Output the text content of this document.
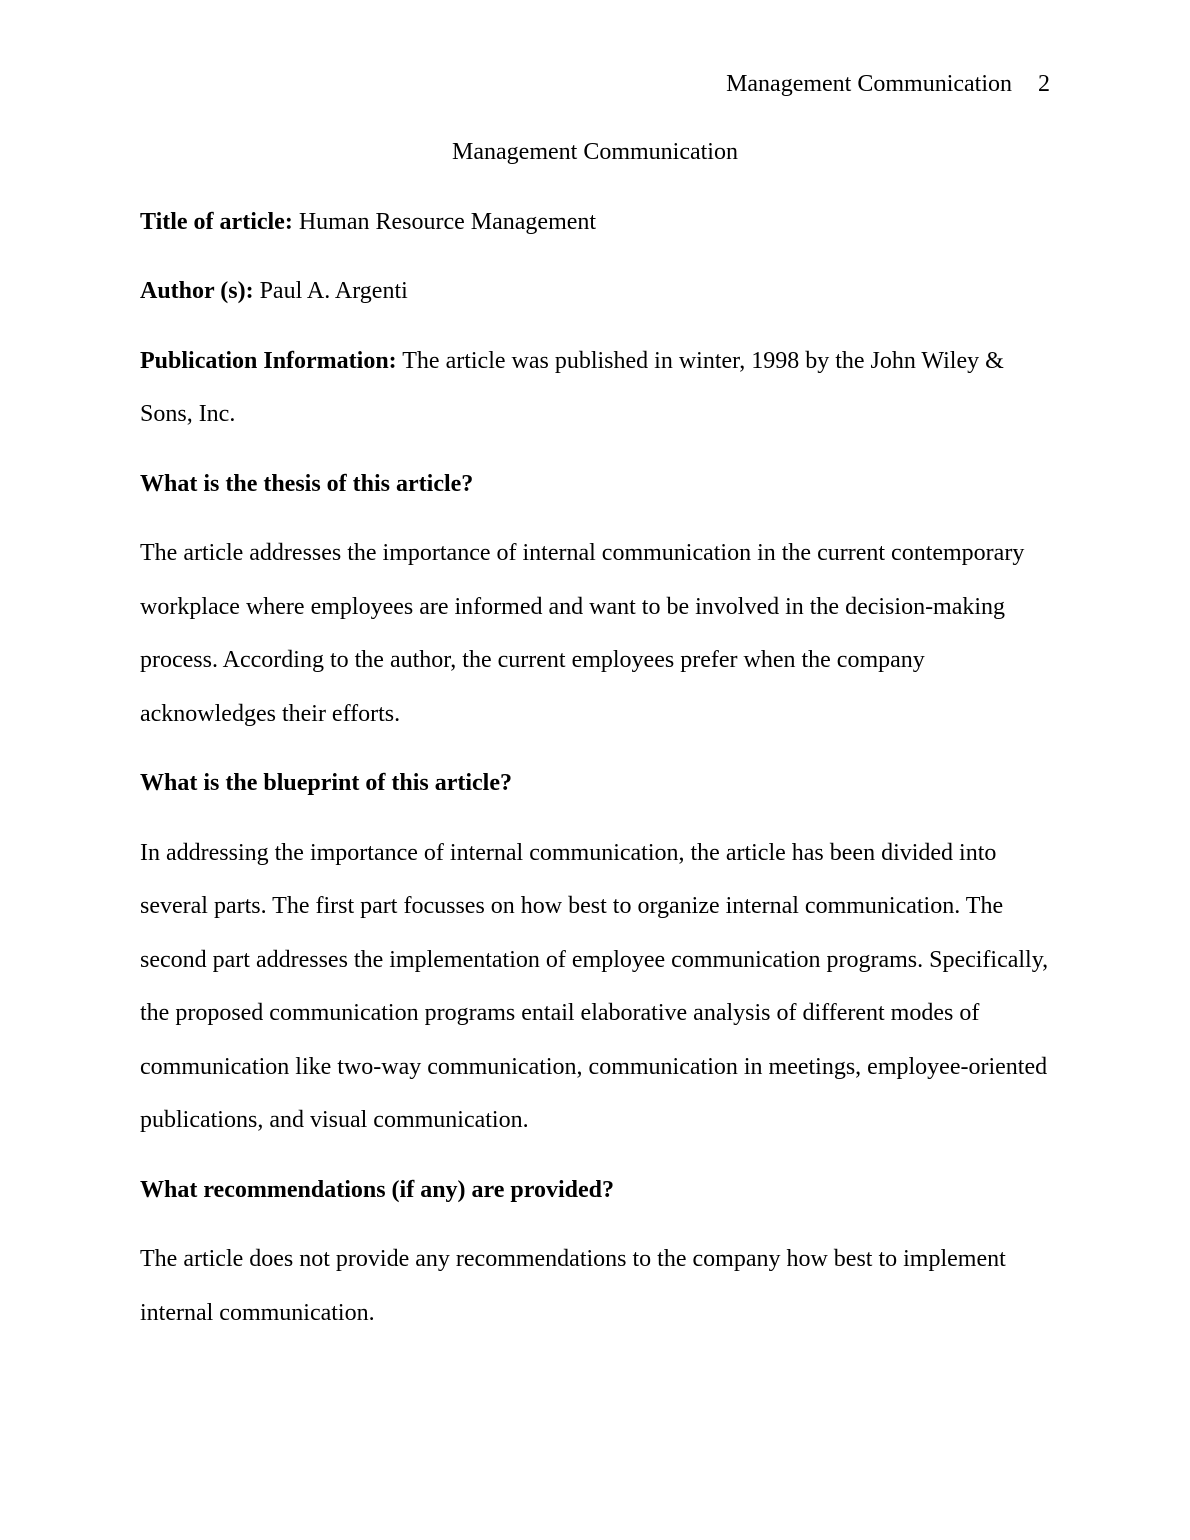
Management Communication 2
Management Communication

Title of article: Human Resource Management

Author (s): Paul A. Argenti

Publication Information: The article was published in winter, 1998 by the John Wiley & Sons, Inc.

What is the thesis of this article?

The article addresses the importance of internal communication in the current contemporary workplace where employees are informed and want to be involved in the decision-making process. According to the author, the current employees prefer when the company acknowledges their efforts.

What is the blueprint of this article?

In addressing the importance of internal communication, the article has been divided into several parts. The first part focusses on how best to organize internal communication. The second part addresses the implementation of employee communication programs. Specifically, the proposed communication programs entail elaborative analysis of different modes of communication like two-way communication, communication in meetings, employee-oriented publications, and visual communication.

What recommendations (if any) are provided?

The article does not provide any recommendations to the company how best to implement internal communication.
